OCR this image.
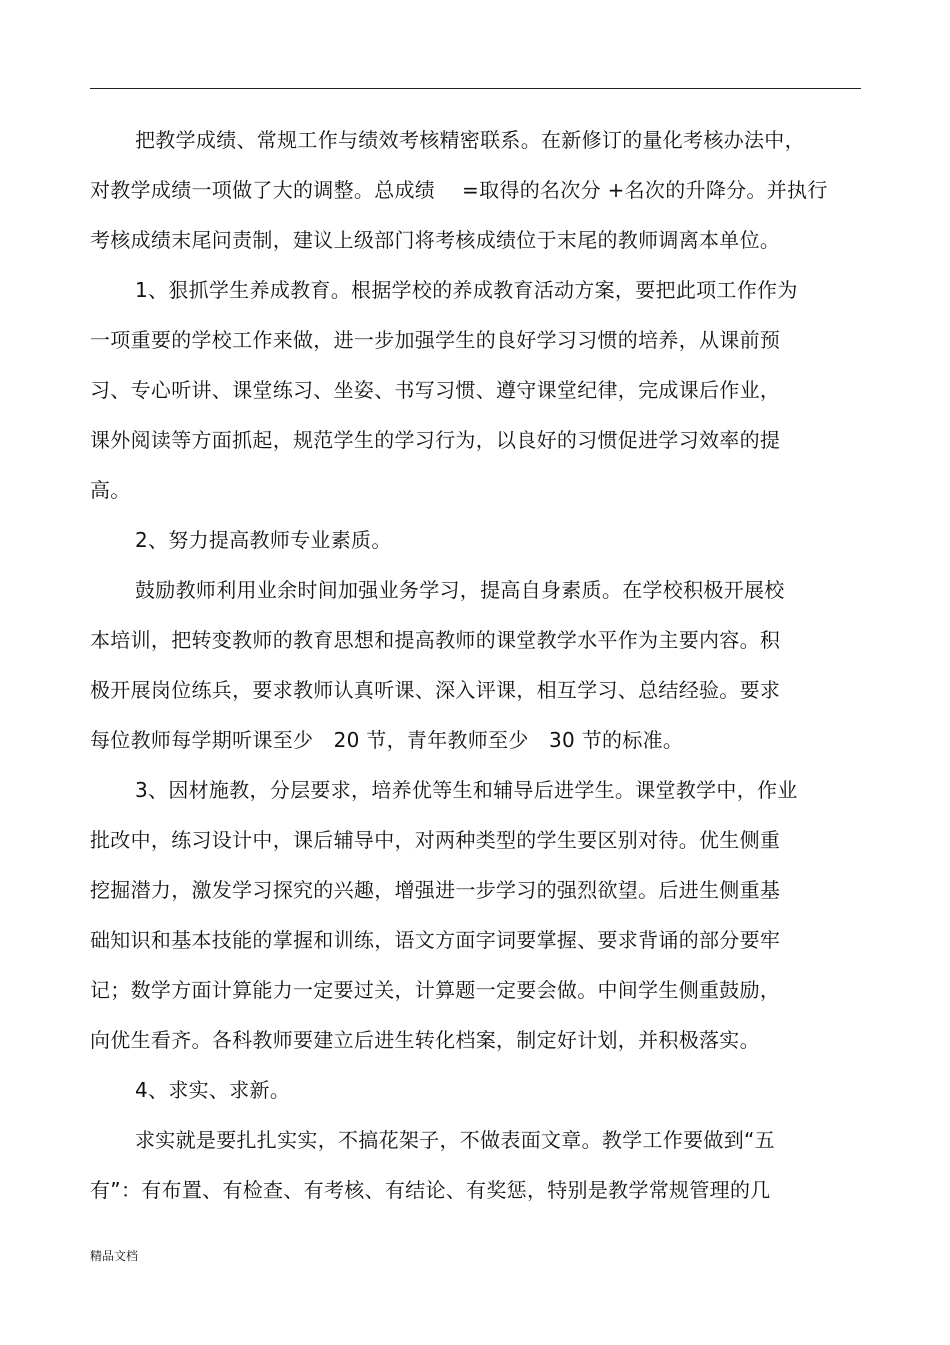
把教学成绩、常规工作与绩效考核精密联系。在新修订的量化考核办法中，
对教学成绩一项做了大的调整。总成绩　 =取得的名次分 +名次的升降分。并执行
考核成绩末尾问责制，建议上级部门将考核成绩位于末尾的教师调离本单位。
1、狠抓学生养成教育。根据学校的养成教育活动方案，要把此项工作作为
一项重要的学校工作来做，进一步加强学生的良好学习习惯的培养，从课前预
习、专心听讲、课堂练习、坐姿、书写习惯、遵守课堂纪律，完成课后作业，
课外阅读等方面抓起，规范学生的学习行为，以良好的习惯促进学习效率的提
高。
2、努力提高教师专业素质。
鼓励教师利用业余时间加强业务学习，提高自身素质。在学校积极开展校
本培训，把转变教师的教育思想和提高教师的课堂教学水平作为主要内容。积
极开展岗位练兵，要求教师认真听课、深入评课，相互学习、总结经验。要求
每位教师每学期听课至少　20 节，青年教师至少　30 节的标准。
3、因材施教，分层要求，培养优等生和辅导后进学生。课堂教学中，作业
批改中，练习设计中，课后辅导中，对两种类型的学生要区别对待。优生侧重
挖掘潜力，激发学习探究的兴趣，增强进一步学习的强烈欲望。后进生侧重基
础知识和基本技能的掌握和训练，语文方面字词要掌握、要求背诵的部分要牢
记；数学方面计算能力一定要过关，计算题一定要会做。中间学生侧重鼓励，
向优生看齐。各科教师要建立后进生转化档案，制定好计划，并积极落实。
4、求实、求新。
求实就是要扎扎实实，不搞花架子，不做表面文章。教学工作要做到“五
有”：有布置、有检查、有考核、有结论、有奖惩，特别是教学常规管理的几
精品文档
